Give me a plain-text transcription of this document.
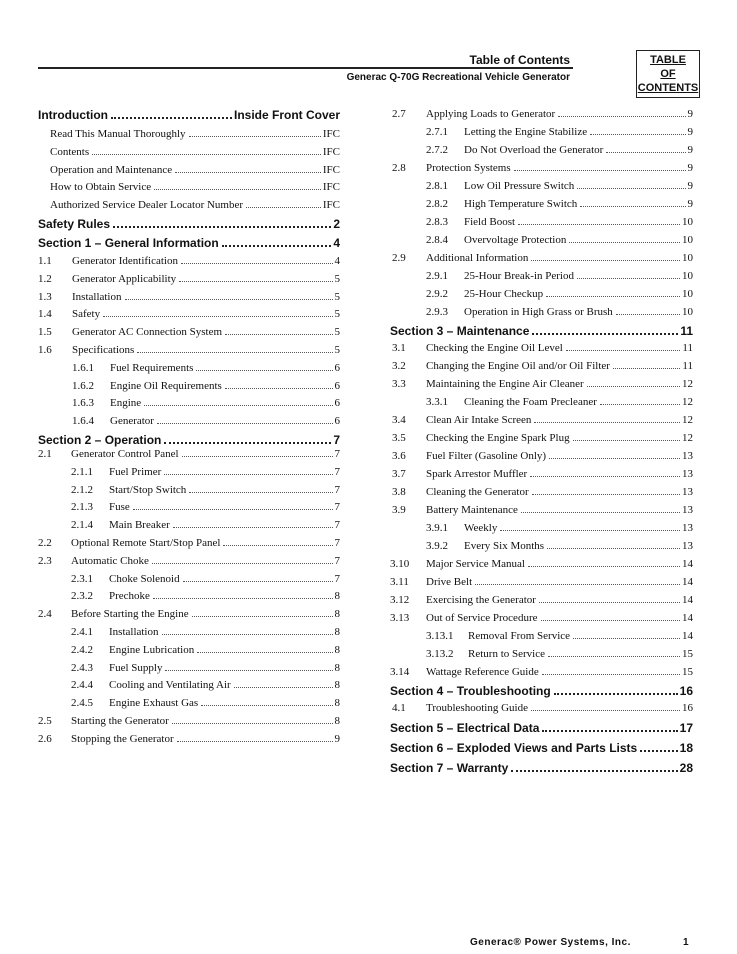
Table of Contents
Generac Q-70G Recreational Vehicle Generator
TABLE
OF
CONTENTS
Introduction	Inside Front Cover
Read This Manual Thoroughly	IFC
Contents	IFC
Operation and Maintenance	IFC
How to Obtain Service	IFC
Authorized Service Dealer Locator Number	IFC
Safety Rules	2
Section 1 – General Information	4
1.1	Generator Identification	4
1.2	Generator Applicability	5
1.3	Installation	5
1.4	Safety	5
1.5	Generator AC Connection System	5
1.6	Specifications	5
1.6.1	Fuel Requirements	6
1.6.2	Engine Oil Requirements	6
1.6.3	Engine	6
1.6.4	Generator	6
Section 2 – Operation	7
2.1	Generator Control Panel	7
2.1.1	Fuel Primer	7
2.1.2	Start/Stop Switch	7
2.1.3	Fuse	7
2.1.4	Main Breaker	7
2.2	Optional Remote Start/Stop Panel	7
2.3	Automatic Choke	7
2.3.1	Choke Solenoid	7
2.3.2	Prechoke	8
2.4	Before Starting the Engine	8
2.4.1	Installation	8
2.4.2	Engine Lubrication	8
2.4.3	Fuel Supply	8
2.4.4	Cooling and Ventilating Air	8
2.4.5	Engine Exhaust Gas	8
2.5	Starting the Generator	8
2.6	Stopping the Generator	9
2.7	Applying Loads to Generator	9
2.7.1	Letting the Engine Stabilize	9
2.7.2	Do Not Overload the Generator	9
2.8	Protection Systems	9
2.8.1	Low Oil Pressure Switch	9
2.8.2	High Temperature Switch	9
2.8.3	Field Boost	10
2.8.4	Overvoltage Protection	10
2.9	Additional Information	10
2.9.1	25-Hour Break-in Period	10
2.9.2	25-Hour Checkup	10
2.9.3	Operation in High Grass or Brush	10
Section 3 – Maintenance	11
3.1	Checking the Engine Oil Level	11
3.2	Changing the Engine Oil and/or Oil Filter	11
3.3	Maintaining the Engine Air Cleaner	12
3.3.1	Cleaning the Foam Precleaner	12
3.4	Clean Air Intake Screen	12
3.5	Checking the Engine Spark Plug	12
3.6	Fuel Filter (Gasoline Only)	13
3.7	Spark Arrestor Muffler	13
3.8	Cleaning the Generator	13
3.9	Battery Maintenance	13
3.9.1	Weekly	13
3.9.2	Every Six Months	13
3.10	Major Service Manual	14
3.11	Drive Belt	14
3.12	Exercising the Generator	14
3.13	Out of Service Procedure	14
3.13.1	Removal From Service	14
3.13.2	Return to Service	15
3.14	Wattage Reference Guide	15
Section 4 – Troubleshooting	16
4.1	Troubleshooting Guide	16
Section 5 – Electrical Data	17
Section 6 – Exploded Views and Parts Lists	18
Section 7 – Warranty	28
Generac® Power Systems, Inc.	1
